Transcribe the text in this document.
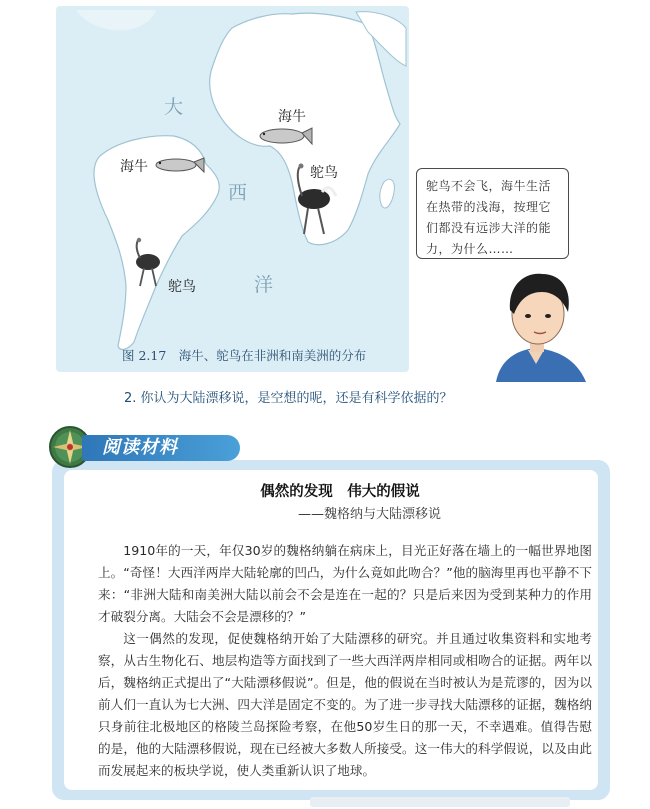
大
西
洋
海牛
海牛	鸵鸟
鸵鸟
图 2.17　海牛、鸵鸟在非洲和南美洲的分布
2. 你认为大陆漂移说，是空想的呢，还是有科学依据的？
鸵鸟不会飞，海牛生活
在热带的浅海，按理它
们都没有远涉大洋的能
力，为什么……
阅读材料
偶然的发现　伟大的假说
——魏格纳与大陆漂移说

1910年的一天，年仅30岁的魏格纳躺在病床上，目光正好落在墙上的一幅世界地图上。“奇怪！大西洋两岸大陆轮廓的凹凸，为什么竟如此吻合？”他的脑海里再也平静不下来：“非洲大陆和南美洲大陆以前会不会是连在一起的？只是后来因为受到某种力的作用才破裂分离。大陆会不会是漂移的？”

这一偶然的发现，促使魏格纳开始了大陆漂移的研究。并且通过收集资料和实地考察，从古生物化石、地层构造等方面找到了一些大西洋两岸相同或相吻合的证据。两年以后，魏格纳正式提出了“大陆漂移假说”。但是，他的假说在当时被认为是荒谬的，因为以前人们一直认为七大洲、四大洋是固定不变的。为了进一步寻找大陆漂移的证据，魏格纳只身前往北极地区的格陵兰岛探险考察，在他50岁生日的那一天，不幸遇难。值得告慰的是，他的大陆漂移假说，现在已经被大多数人所接受。这一伟大的科学假说，以及由此而发展起来的板块学说，使人类重新认识了地球。
